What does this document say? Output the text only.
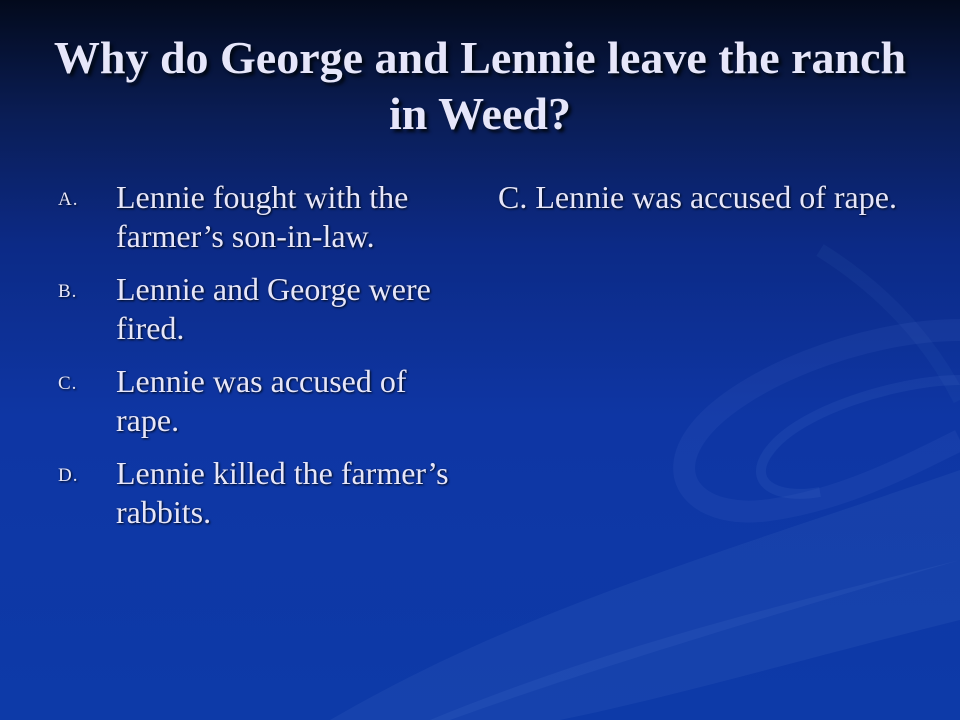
Why do George and Lennie leave the ranch in Weed?
A. Lennie fought with the farmer’s son-in-law.
B. Lennie and George were fired.
C. Lennie was accused of rape.
D. Lennie killed the farmer’s rabbits.

C. Lennie was accused of rape.
